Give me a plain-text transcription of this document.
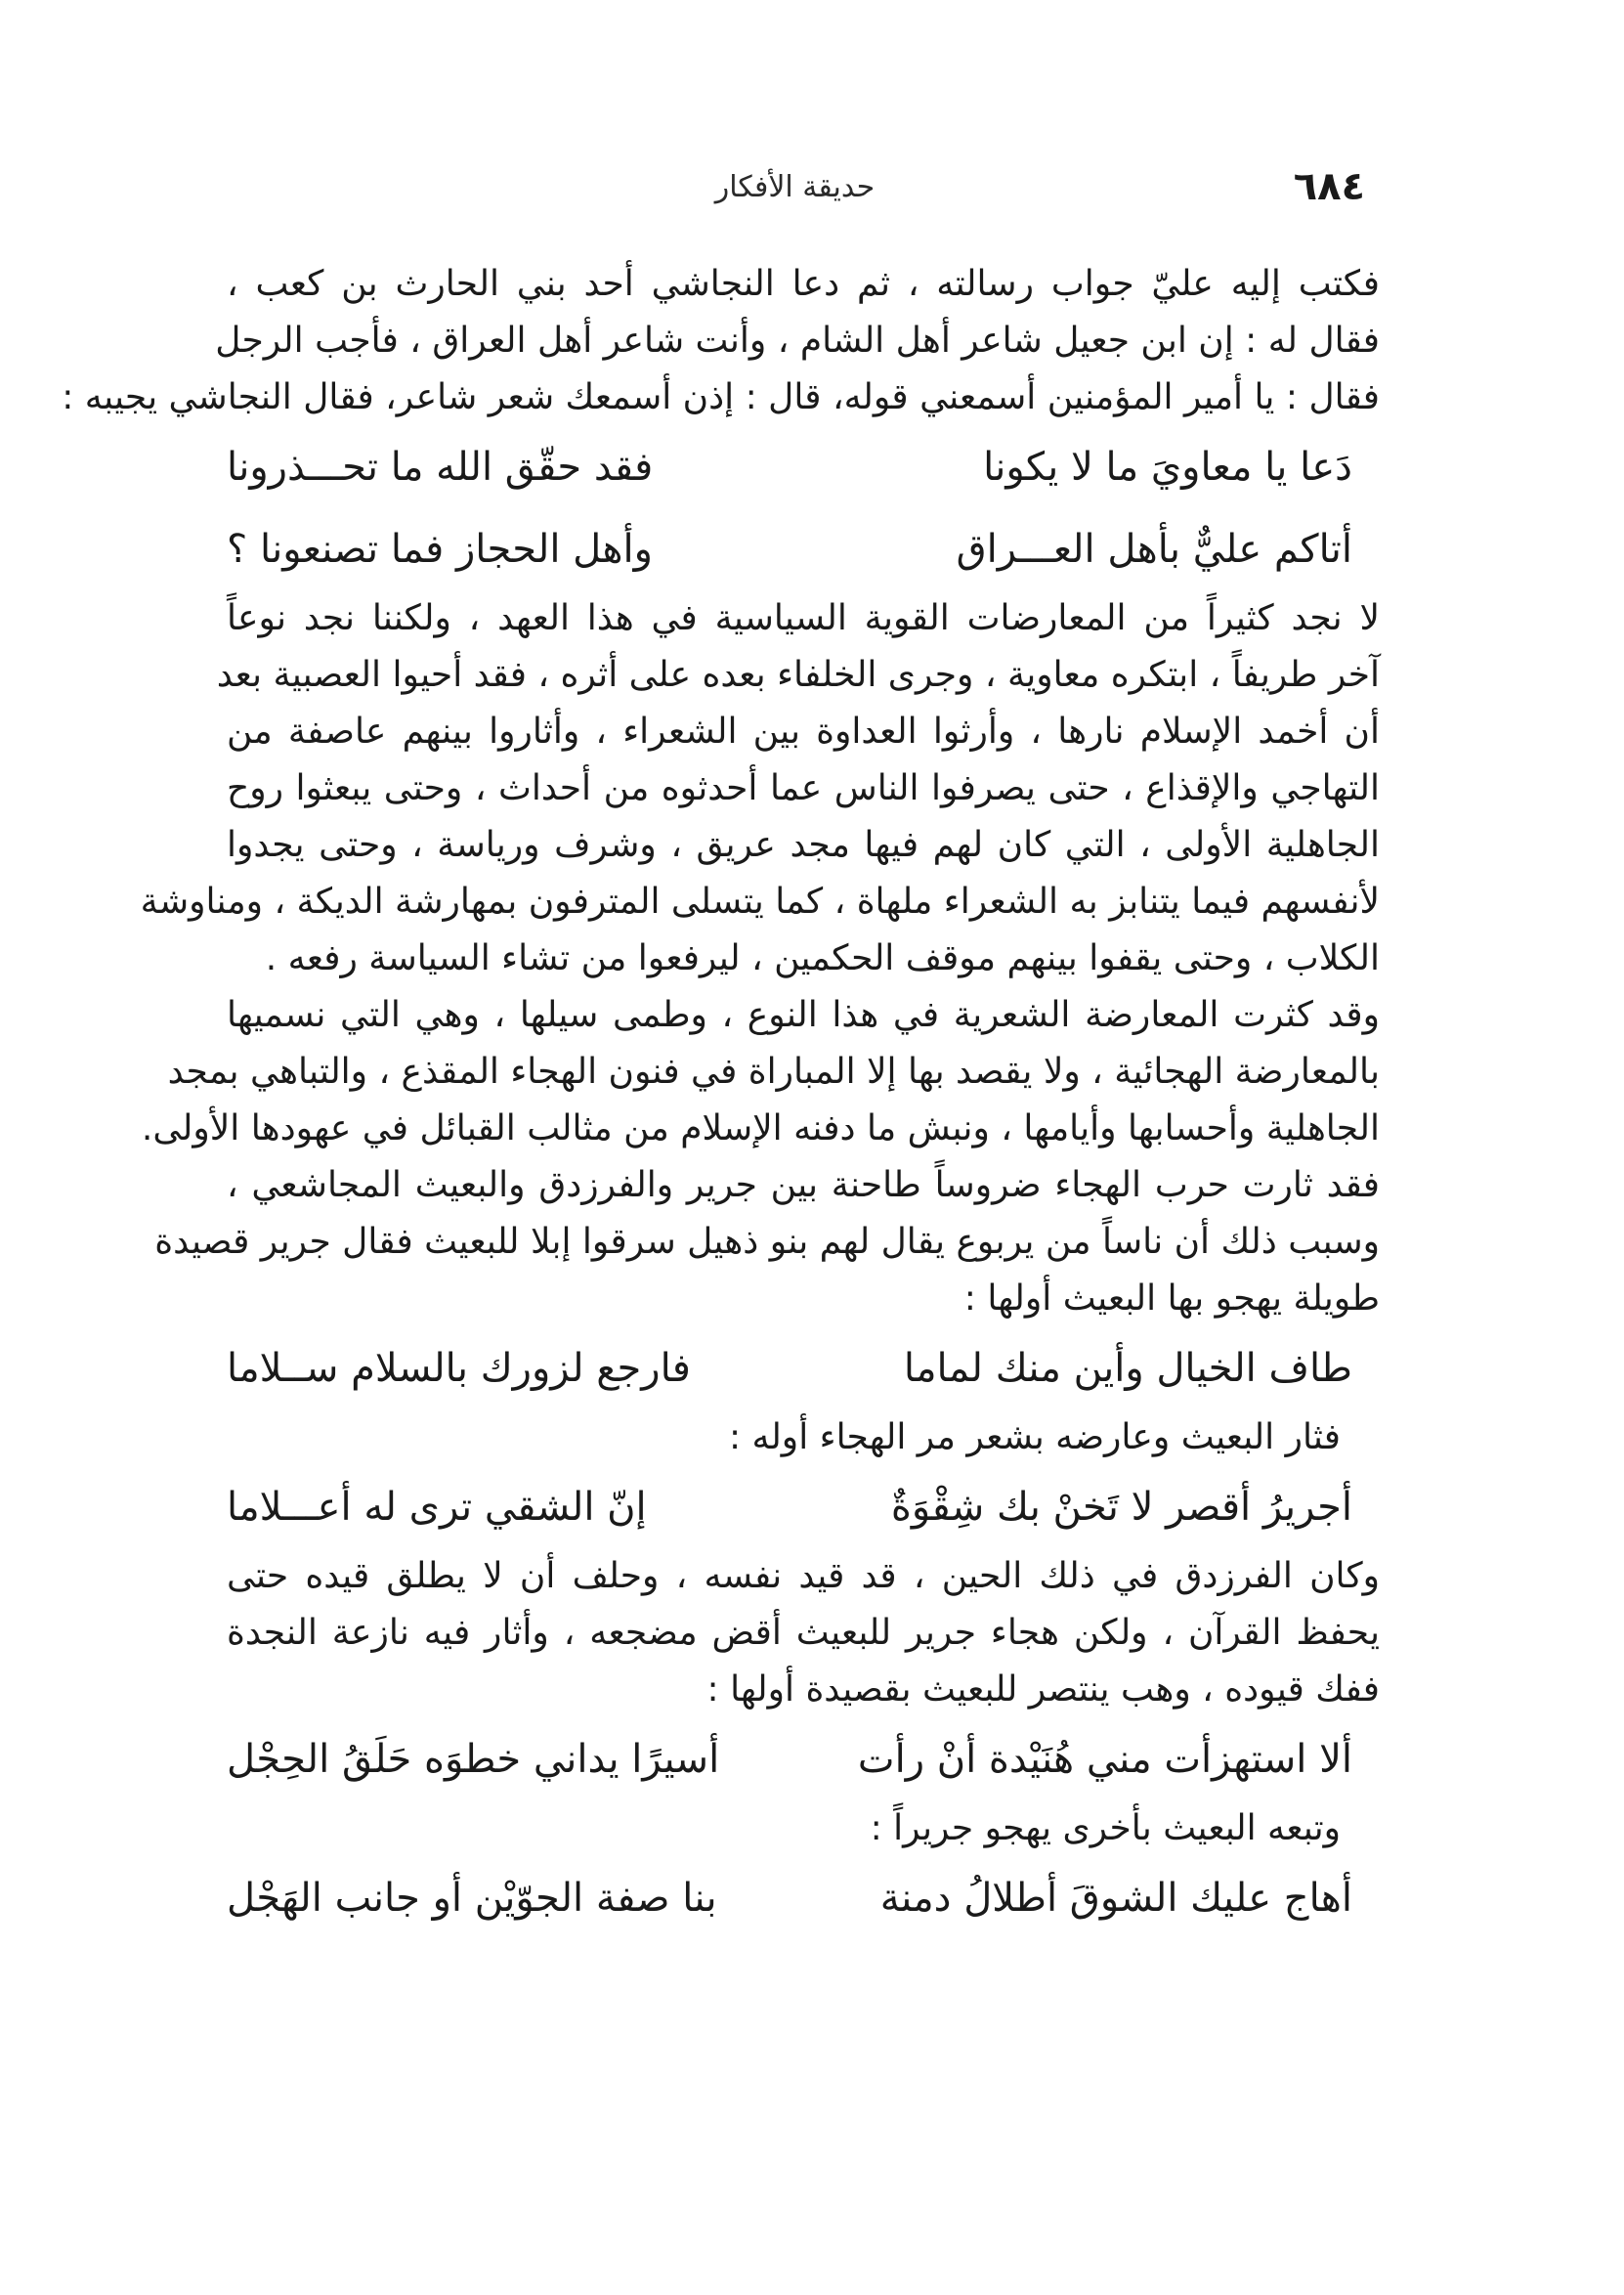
٦٨٤
حديقة الأفكار
فكتب إليه عليّ جواب رسالته ، ثم دعا النجاشي أحد بني الحارث بن كعب ،
فقال له : إن ابن جعيل شاعر أهل الشام ، وأنت شاعر أهل العراق ، فأجب الرجل
فقال : يا أمير المؤمنين أسمعني قوله، قال : إذن أسمعك شعر شاعر، فقال النجاشي يجيبه :
دَعا يا معاويَ ما لا يكونا
فقد حقّق الله ما تحـــذرونا
أتاكم عليٌّ بأهل العـــراق
وأهل الحجاز فما تصنعونا ؟
لا نجد كثيراً من المعارضات القوية السياسية في هذا العهد ، ولكننا نجد نوعاً
آخر طريفاً ، ابتكره معاوية ، وجرى الخلفاء بعده على أثره ، فقد أحيوا العصبية بعد
أن أخمد الإسلام نارها ، وأرثوا العداوة بين الشعراء ، وأثاروا بينهم عاصفة من
التهاجي والإقذاع ، حتى يصرفوا الناس عما أحدثوه من أحداث ، وحتى يبعثوا روح
الجاهلية الأولى ، التي كان لهم فيها مجد عريق ، وشرف ورياسة ، وحتى يجدوا
لأنفسهم فيما يتنابز به الشعراء ملهاة ، كما يتسلى المترفون بمهارشة الديكة ، ومناوشة
الكلاب ، وحتى يقفوا بينهم موقف الحكمين ، ليرفعوا من تشاء السياسة رفعه .
وقد كثرت المعارضة الشعرية في هذا النوع ، وطمى سيلها ، وهي التي نسميها
بالمعارضة الهجائية ، ولا يقصد بها إلا المباراة في فنون الهجاء المقذع ، والتباهي بمجد
الجاهلية وأحسابها وأيامها ، ونبش ما دفنه الإسلام من مثالب القبائل في عهودها الأولى.
فقد ثارت حرب الهجاء ضروساً طاحنة بين جرير والفرزدق والبعيث المجاشعي ،
وسبب ذلك أن ناساً من يربوع يقال لهم بنو ذهيل سرقوا إبلا للبعيث فقال جرير قصيدة
طويلة يهجو بها البعيث أولها :
طاف الخيال وأين منك لماما
فارجع لزورك بالسلام ســلاما
فثار البعيث وعارضه بشعر مر الهجاء أوله :
أجريرُ أقصر لا تَخنْ بك شِقْوَةٌ
إنّ الشقي ترى له أعـــلاما
وكان الفرزدق في ذلك الحين ، قد قيد نفسه ، وحلف أن لا يطلق قيده حتى
يحفظ القرآن ، ولكن هجاء جرير للبعيث أقض مضجعه ، وأثار فيه نازعة النجدة
ففك قيوده ، وهب ينتصر للبعيث بقصيدة أولها :
ألا استهزأت مني هُنَيْدة أنْ رأت
أسيرًا يداني خطوَه حَلَقُ الحِجْل
وتبعه البعيث بأخرى يهجو جريراً :
أهاج عليك الشوقَ أطلالُ دمنة
بنا صفة الجوّيْن أو جانب الهَجْل
